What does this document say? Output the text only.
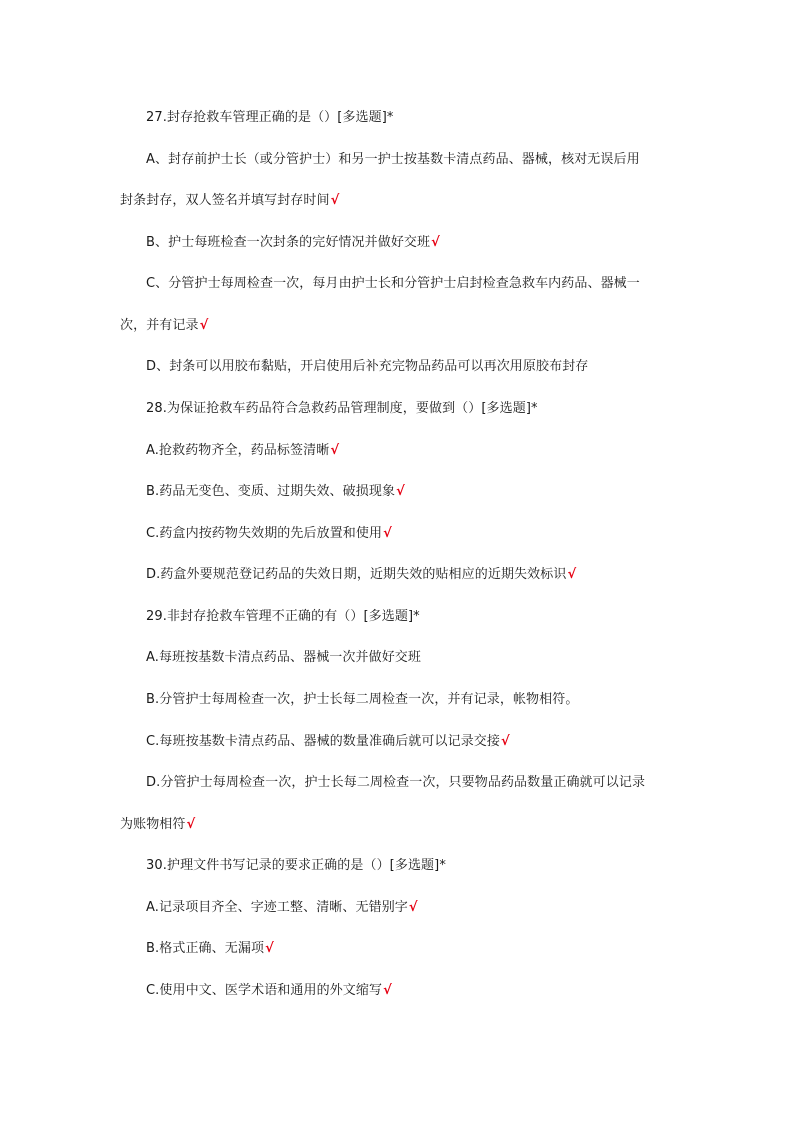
27.封存抢救车管理正确的是（）[多选题]*
A、封存前护士长（或分管护士）和另一护士按基数卡清点药品、器械，核对无误后用
封条封存，双人签名并填写封存时间√
B、护士每班检查一次封条的完好情况并做好交班√
C、分管护士每周检查一次，每月由护士长和分管护士启封检查急救车内药品、器械一
次，并有记录√
D、封条可以用胶布黏贴，开启使用后补充完物品药品可以再次用原胶布封存
28.为保证抢救车药品符合急救药品管理制度，要做到（）[多选题]*
A.抢救药物齐全，药品标签清晰√
B.药品无变色、变质、过期失效、破损现象√
C.药盒内按药物失效期的先后放置和使用√
D.药盒外要规范登记药品的失效日期，近期失效的贴相应的近期失效标识√
29.非封存抢救车管理不正确的有（）[多选题]*
A.每班按基数卡清点药品、器械一次并做好交班
B.分管护士每周检查一次，护士长每二周检查一次，并有记录，帐物相符。
C.每班按基数卡清点药品、器械的数量准确后就可以记录交接√
D.分管护士每周检查一次，护士长每二周检查一次，只要物品药品数量正确就可以记录
为账物相符√
30.护理文件书写记录的要求正确的是（）[多选题]*
A.记录项目齐全、字迹工整、清晰、无错别字√
B.格式正确、无漏项√
C.使用中文、医学术语和通用的外文缩写√
